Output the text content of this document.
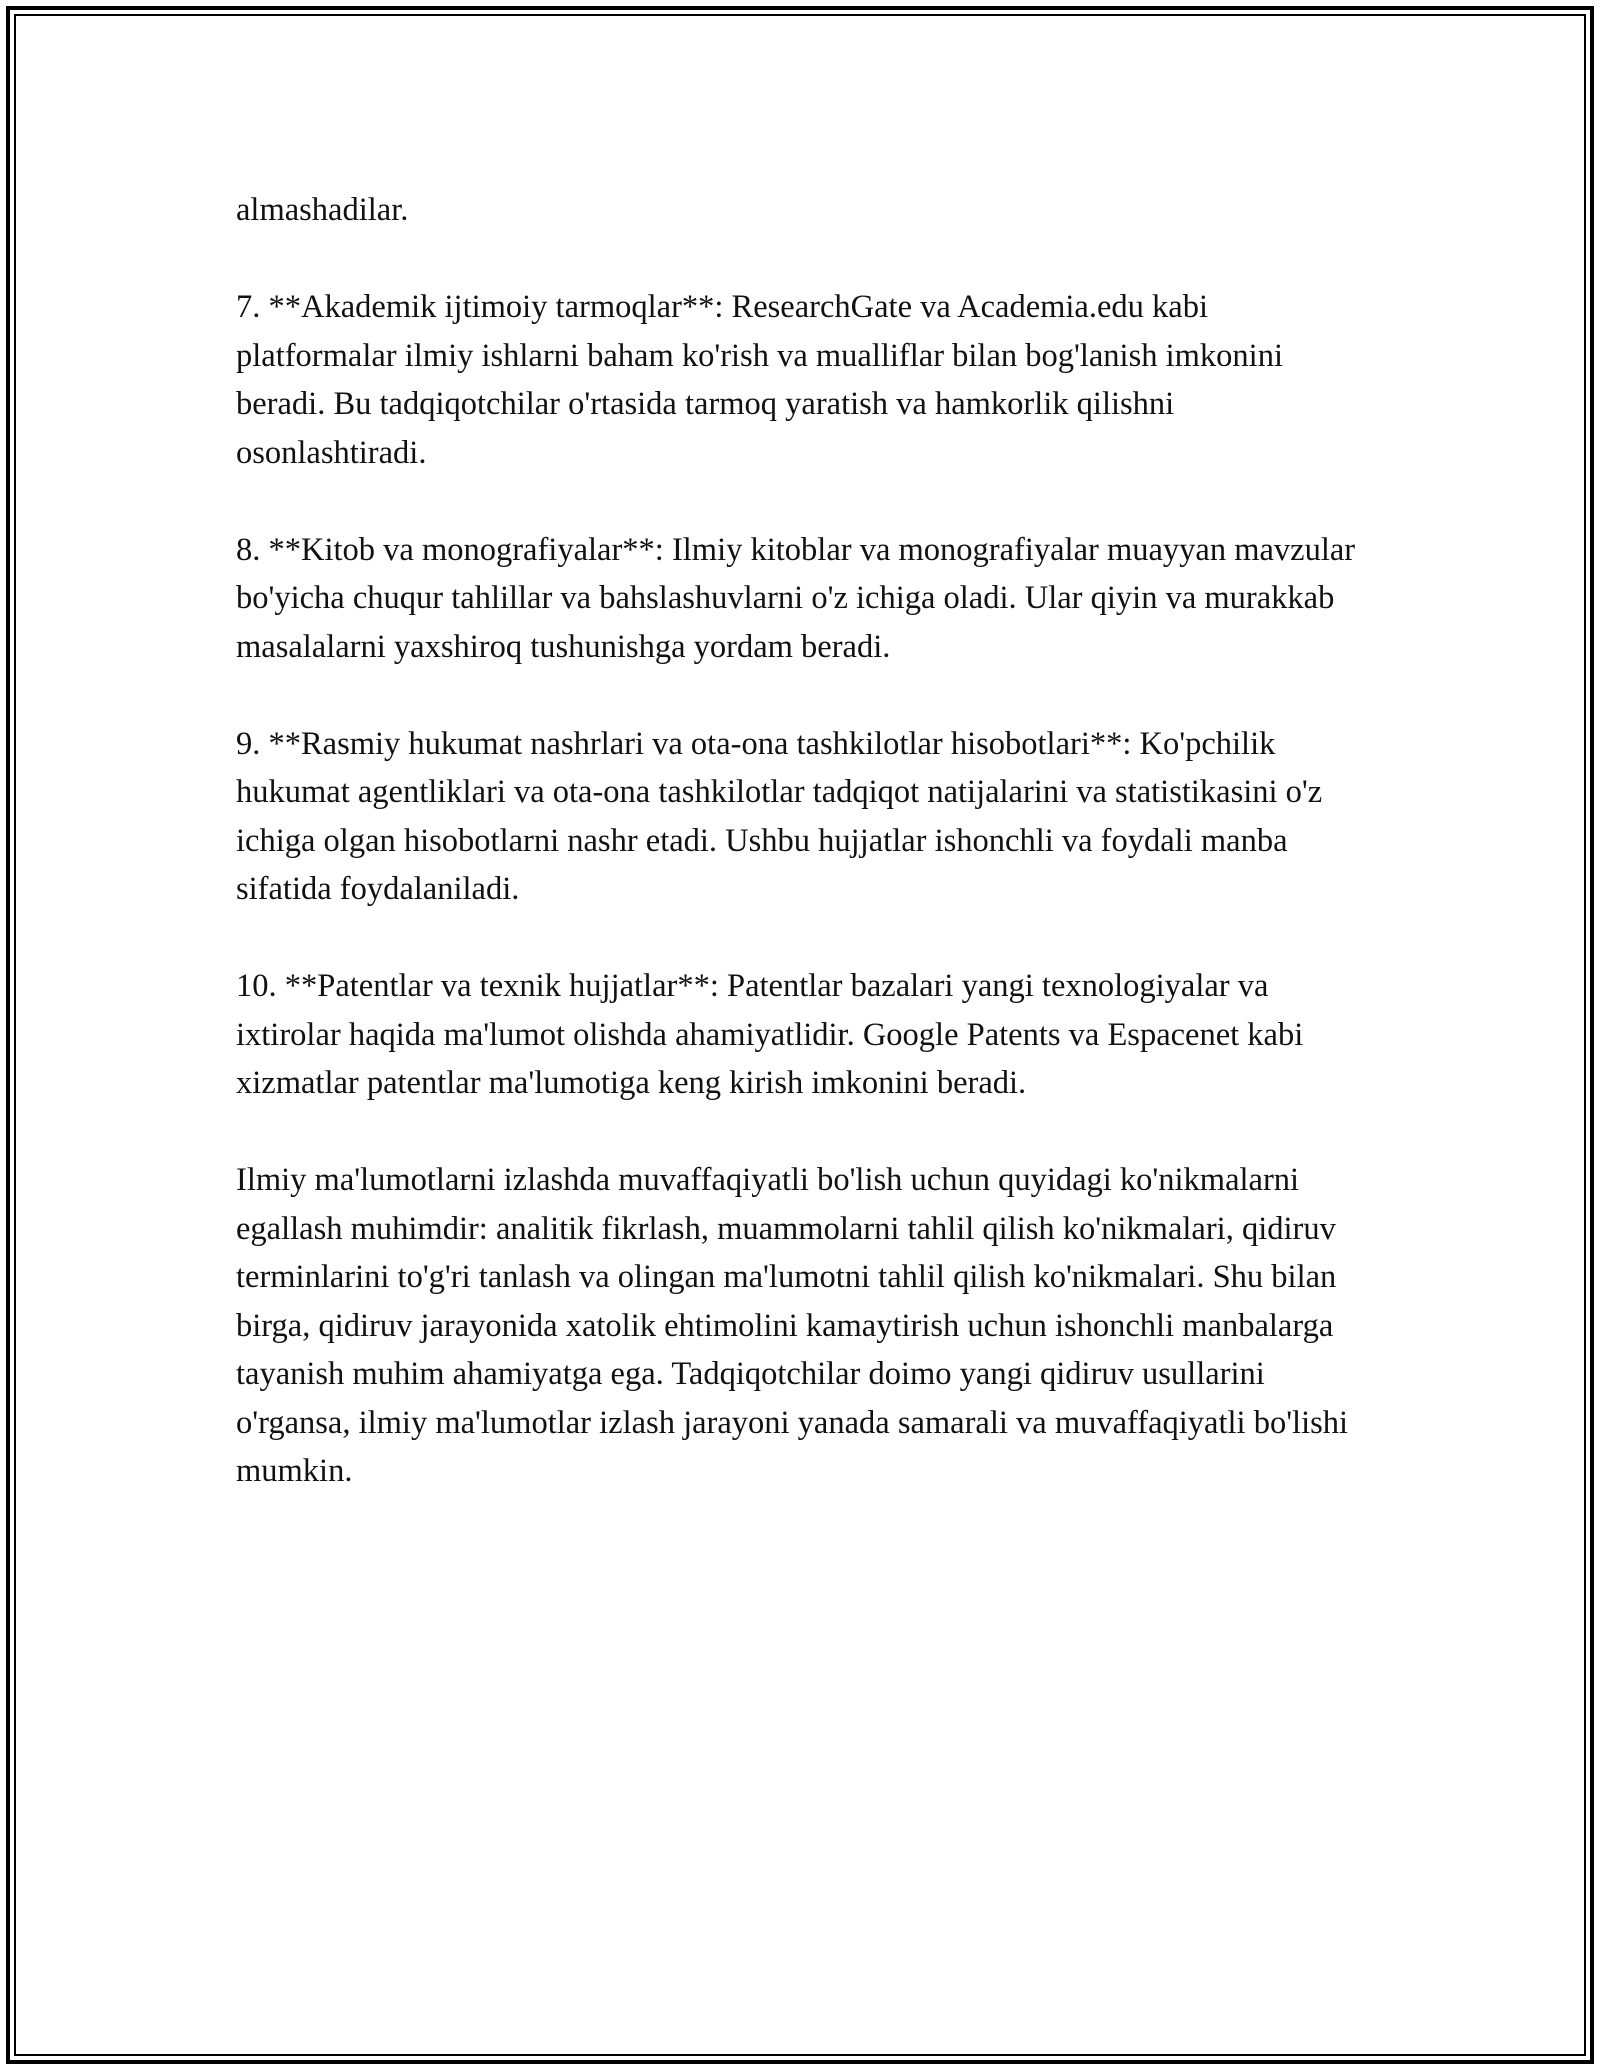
almashadilar.

7. **Akademik ijtimoiy tarmoqlar**: ResearchGate va Academia.edu kabi platformalar ilmiy ishlarni baham ko'rish va mualliflar bilan bog'lanish imkonini beradi. Bu tadqiqotchilar o'rtasida tarmoq yaratish va hamkorlik qilishni osonlashtiradi.

8. **Kitob va monografiyalar**: Ilmiy kitoblar va monografiyalar muayyan mavzular bo'yicha chuqur tahlillar va bahslashuvlarni o'z ichiga oladi. Ular qiyin va murakkab masalalarni yaxshiroq tushunishga yordam beradi.

9. **Rasmiy hukumat nashrlari va ota-ona tashkilotlar hisobotlari**: Ko'pchilik hukumat agentliklari va ota-ona tashkilotlar tadqiqot natijalarini va statistikasini o'z ichiga olgan hisobotlarni nashr etadi. Ushbu hujjatlar ishonchli va foydali manba sifatida foydalaniladi.

10. **Patentlar va texnik hujjatlar**: Patentlar bazalari yangi texnologiyalar va ixtirolar haqida ma'lumot olishda ahamiyatlidir. Google Patents va Espacenet kabi xizmatlar patentlar ma'lumotiga keng kirish imkonini beradi.

Ilmiy ma'lumotlarni izlashda muvaffaqiyatli bo'lish uchun quyidagi ko'nikmalarni egallash muhimdir: analitik fikrlash, muammolarni tahlil qilish ko'nikmalari, qidiruv terminlarini to'g'ri tanlash va olingan ma'lumotni tahlil qilish ko'nikmalari. Shu bilan birga, qidiruv jarayonida xatolik ehtimolini kamaytirish uchun ishonchli manbalarga tayanish muhim ahamiyatga ega. Tadqiqotchilar doimo yangi qidiruv usullarini o'rgansa, ilmiy ma'lumotlar izlash jarayoni yanada samarali va muvaffaqiyatli bo'lishi mumkin.
